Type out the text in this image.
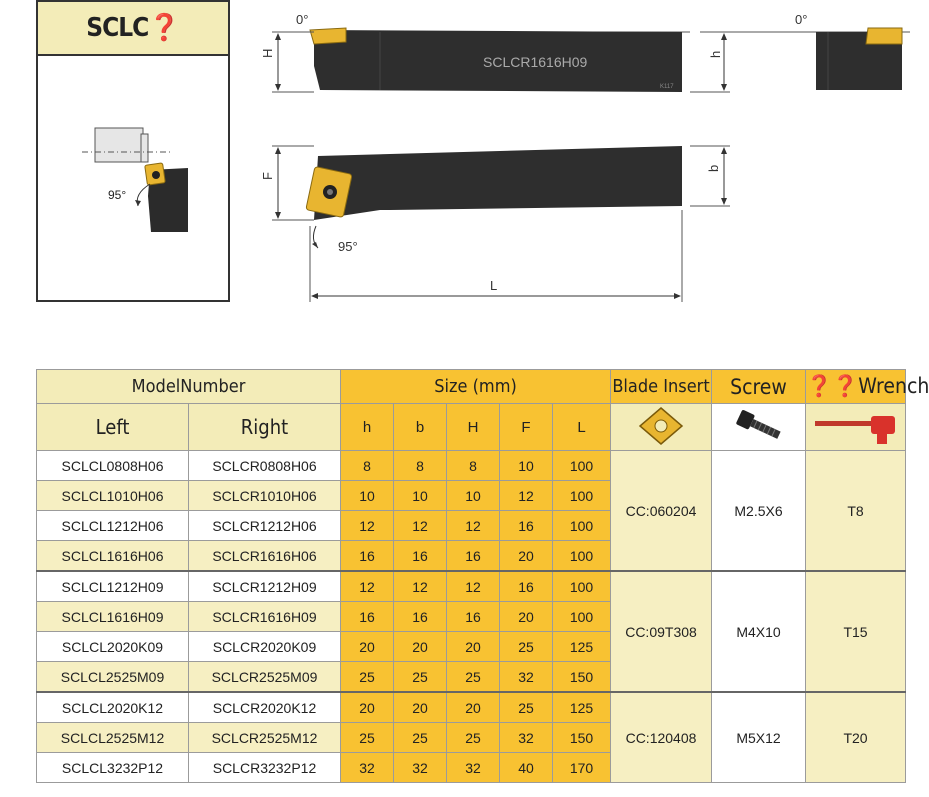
SCLC❓
95°
0°
SCLCR1616H09
K117
H	h
0°
F
b
95°
L
ModelNumber		Size (mm)					Blade Insert	Screw	❓❓Wrench
Left	Right	h	b	H	F	L			
SCLCL0808H06	SCLCR0808H06	8	8	8	10	100	CC:060204	M2.5X6	T8
SCLCL1010H06	SCLCR1010H06	10	10	10	12	100			
SCLCL1212H06	SCLCR1212H06	12	12	12	16	100			
SCLCL1616H06	SCLCR1616H06	16	16	16	20	100			
SCLCL1212H09	SCLCR1212H09	12	12	12	16	100	CC:09T308	M4X10	T15
SCLCL1616H09	SCLCR1616H09	16	16	16	20	100			
SCLCL2020K09	SCLCR2020K09	20	20	20	25	125			
SCLCL2525M09	SCLCR2525M09	25	25	25	32	150			
SCLCL2020K12	SCLCR2020K12	20	20	20	25	125	CC:120408	M5X12	T20
SCLCL2525M12	SCLCR2525M12	25	25	25	32	150			
SCLCL3232P12	SCLCR3232P12	32	32	32	40	170			
